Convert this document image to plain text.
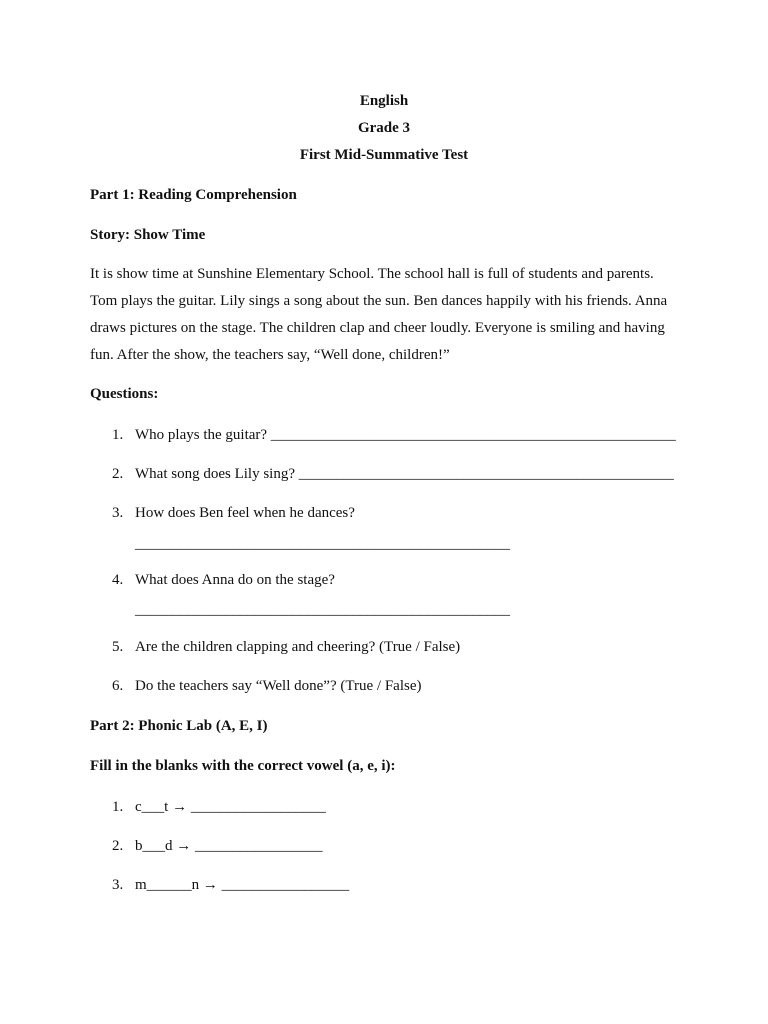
English
Grade 3
First Mid-Summative Test
Part 1: Reading Comprehension
Story: Show Time
It is show time at Sunshine Elementary School. The school hall is full of students and parents.
Tom plays the guitar. Lily sings a song about the sun. Ben dances happily with his friends. Anna
draws pictures on the stage. The children clap and cheer loudly. Everyone is smiling and having
fun. After the show, the teachers say, “Well done, children!”
Questions:
1. Who plays the guitar? ______________________________________________________
2. What song does Lily sing? __________________________________________________
3. How does Ben feel when he dances?
__________________________________________________
4. What does Anna do on the stage?
__________________________________________________
5. Are the children clapping and cheering? (True / False)
6. Do the teachers say “Well done”? (True / False)
Part 2: Phonic Lab (A, E, I)
Fill in the blanks with the correct vowel (a, e, i):
1. c___t → __________________
2. b___d → _________________
3. m______n → _________________
